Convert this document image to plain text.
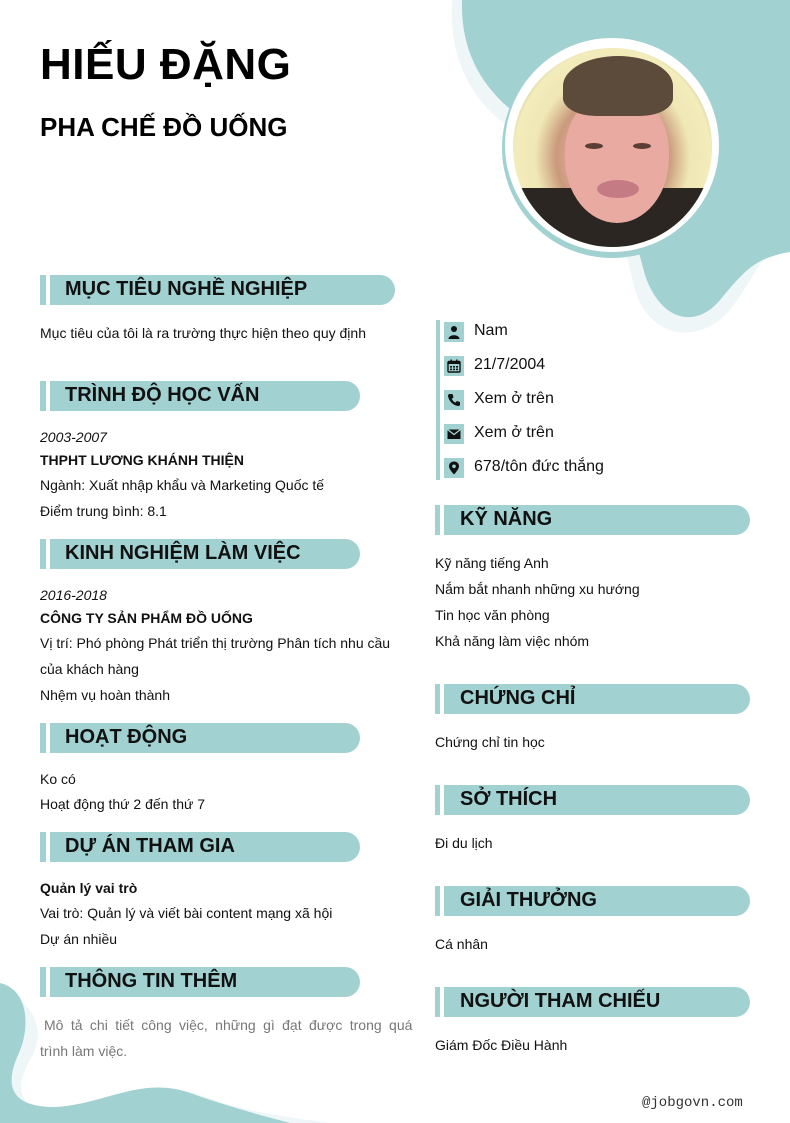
HIẾU ĐẶNG
PHA CHẾ ĐỒ UỐNG
MỤC TIÊU NGHỀ NGHIỆP
Mục tiêu của tôi là ra trường thực hiện theo quy định
TRÌNH ĐỘ HỌC VẤN
2003-2007
THPHT LƯƠNG KHÁNH THIỆN
Ngành: Xuất nhập khẩu và Marketing Quốc tế
Điểm trung bình: 8.1
KINH NGHIỆM LÀM VIỆC
2016-2018
CÔNG TY SẢN PHẨM ĐỒ UỐNG
Vị trí: Phó phòng Phát triển thị trường Phân tích nhu cầu
của khách hàng
Nhệm vụ hoàn thành
HOẠT ĐỘNG
Ko có
Hoạt động thứ 2 đến thứ 7
DỰ ÁN THAM GIA
Quản lý vai trò
Vai trò: Quản lý và viết bài content mạng xã hội
Dự án nhiều
THÔNG TIN THÊM
Mô tả chi tiết công việc, những gì đạt được trong quá
trình làm việc.
Nam
21/7/2004
Xem ở trên
Xem ở trên
678/tôn đức thắng
KỸ NĂNG
Kỹ năng tiếng Anh
Nắm bắt nhanh những xu hướng
Tin học văn phòng
Khả năng làm việc nhóm
CHỨNG CHỈ
Chứng chỉ tin học
SỞ THÍCH
Đi du lịch
GIẢI THƯỞNG
Cá nhân
NGƯỜI THAM CHIẾU
Giám Đốc Điều Hành
@jobgovn.com
